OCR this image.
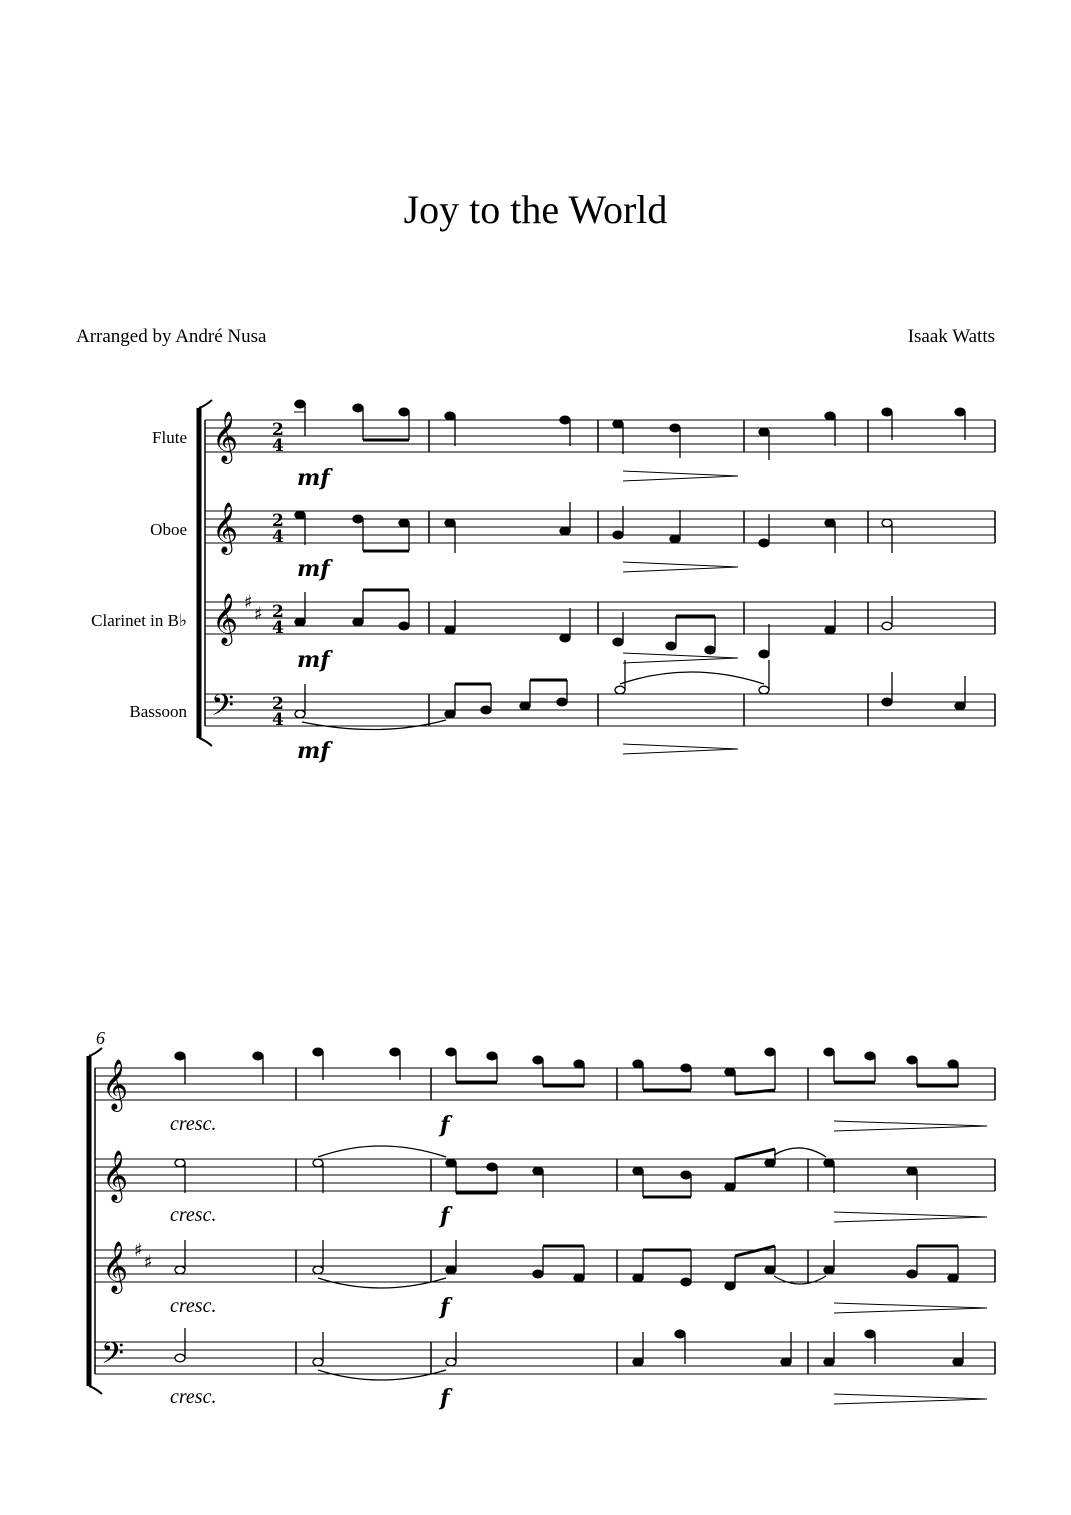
Joy to the World
Arranged by André Nusa	Isaak Watts
Flute
Oboe
Clarinet in B♭
Bassoon
𝄞
𝄞
𝄞
𝄢
♯
♯
2
4
2
4
2
4
2
4
mf
mf
mf
mf
6
𝄞
𝄞
𝄞
𝄢
♯
♯
cresc.
cresc.
cresc.
cresc.
f
f
f
f
